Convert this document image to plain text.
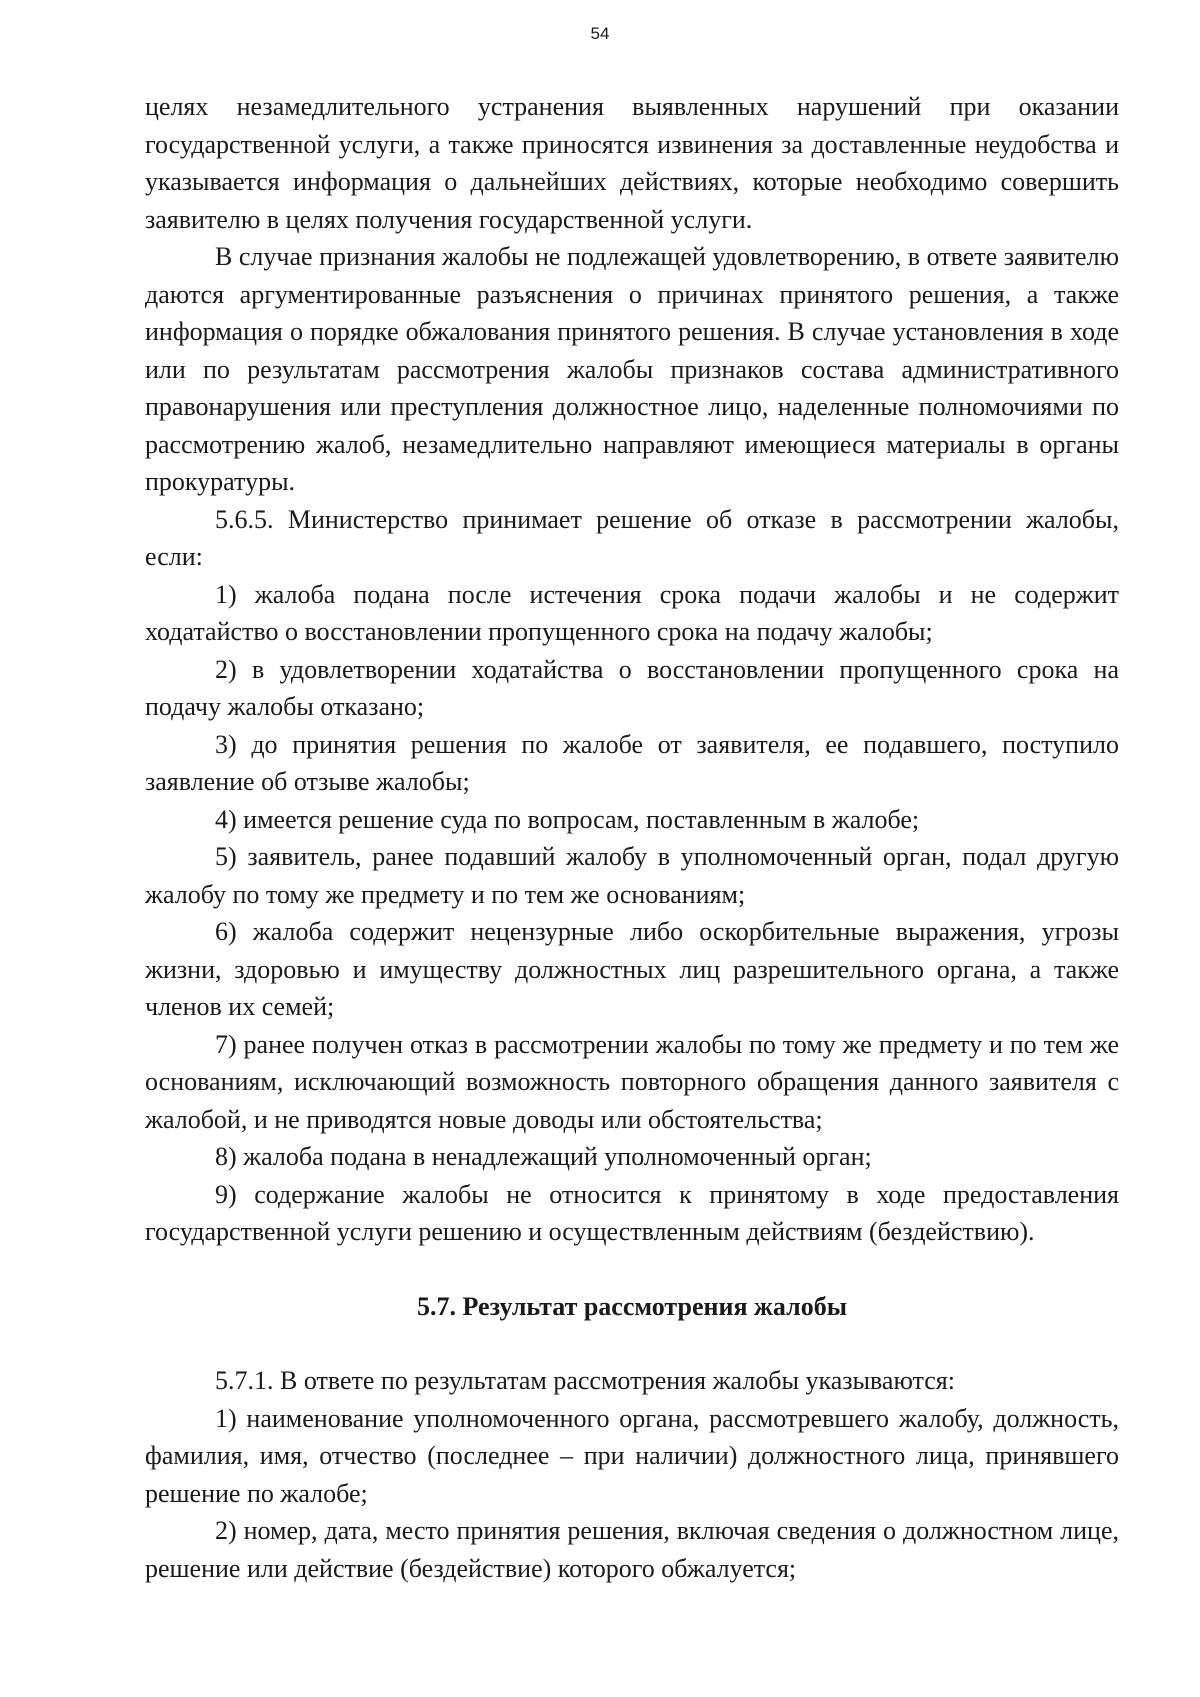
54

целях незамедлительного устранения выявленных нарушений при оказании государственной услуги, а также приносятся извинения за доставленные неудобства и указывается информация о дальнейших действиях, которые необходимо совершить заявителю в целях получения государственной услуги.

В случае признания жалобы не подлежащей удовлетворению, в ответе заявителю даются аргументированные разъяснения о причинах принятого решения, а также информация о порядке обжалования принятого решения. В случае установления в ходе или по результатам рассмотрения жалобы признаков состава административного правонарушения или преступления должностное лицо, наделенные полномочиями по рассмотрению жалоб, незамедлительно направляют имеющиеся материалы в органы прокуратуры.

5.6.5. Министерство принимает решение об отказе в рассмотрении жалобы, если:

1) жалоба подана после истечения срока подачи жалобы и не содержит ходатайство о восстановлении пропущенного срока на подачу жалобы;

2) в удовлетворении ходатайства о восстановлении пропущенного срока на подачу жалобы отказано;

3) до принятия решения по жалобе от заявителя, ее подавшего, поступило заявление об отзыве жалобы;

4) имеется решение суда по вопросам, поставленным в жалобе;

5) заявитель, ранее подавший жалобу в уполномоченный орган, подал другую жалобу по тому же предмету и по тем же основаниям;

6) жалоба содержит нецензурные либо оскорбительные выражения, угрозы жизни, здоровью и имуществу должностных лиц разрешительного органа, а также членов их семей;

7) ранее получен отказ в рассмотрении жалобы по тому же предмету и по тем же основаниям, исключающий возможность повторного обращения данного заявителя с жалобой, и не приводятся новые доводы или обстоятельства;

8) жалоба подана в ненадлежащий уполномоченный орган;

9) содержание жалобы не относится к принятому в ходе предоставления государственной услуги решению и осуществленным действиям (бездействию).

5.7. Результат рассмотрения жалобы

5.7.1. В ответе по результатам рассмотрения жалобы указываются:

1) наименование уполномоченного органа, рассмотревшего жалобу, должность, фамилия, имя, отчество (последнее – при наличии) должностного лица, принявшего решение по жалобе;

2) номер, дата, место принятия решения, включая сведения о должностном лице, решение или действие (бездействие) которого обжалуется;
